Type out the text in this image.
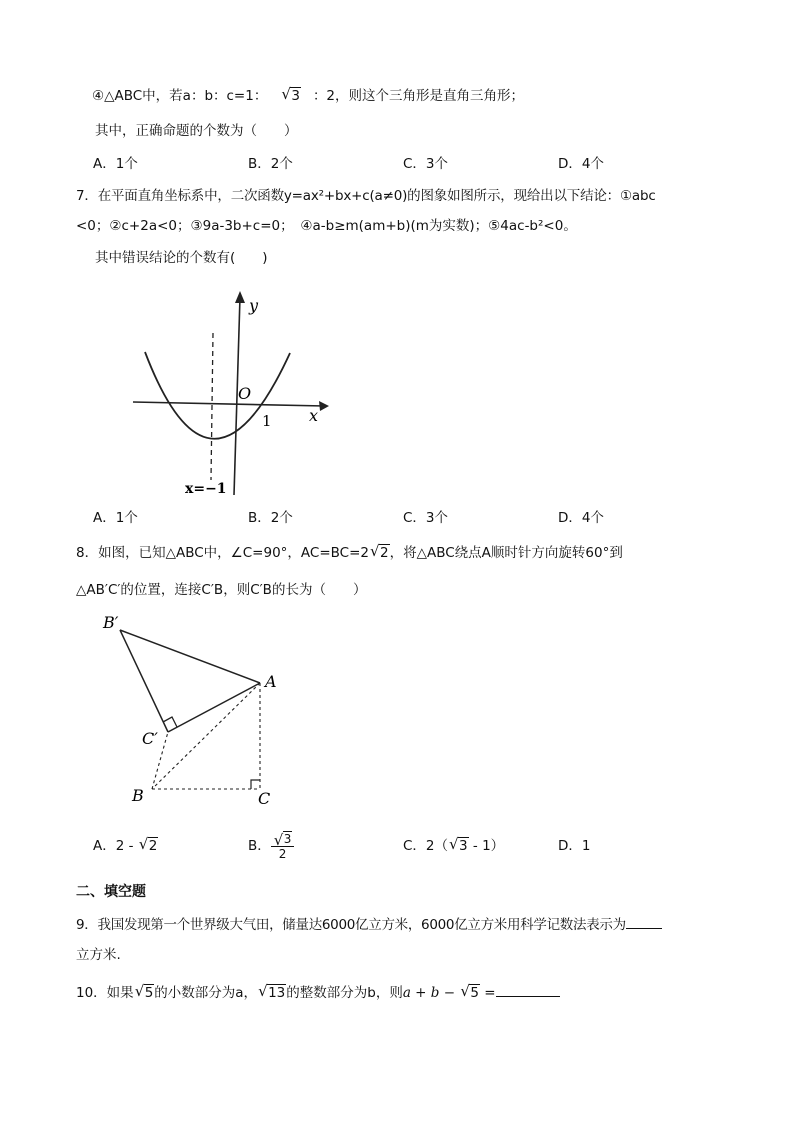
④△ABC中，若a：b：c=1： √ 3 ：2，则这个三角形是直角三角形；
其中，正确命题的个数为（　　）
A．1个	B．2个	C．3个	D．4个
7．在平面直角坐标系中，二次函数y=ax²+bx+c(a≠0)的图象如图所示，现给出以下结论：①abc
<0；②c+2a<0；③9a-3b+c=0；　④a-b≥m(am+b)(m为实数)；⑤4ac-b²<0。
其中错误结论的个数有(　　)
y
x
O
1
x=−1
A．1个	B．2个	C．3个	D．4个
8．如图，已知△ABC中，∠C=90°，AC=BC=2 √ 2，将△ABC绕点A顺时针方向旋转60°到
△AB′C′的位置，连接C′B，则C′B的长为（　　）
B′
A
C′
B	C
A．2 - √ 2	B． $\frac{√ 3}{2}$	C．2（ √ 3 - 1）	D．1
二、填空题
9．我国发现第一个世界级大气田，储量达6000亿立方米，6000亿立方米用科学记数法表示为
立方米.
10．如果 √ 5的小数部分为a， √ 13的整数部分为b，则a + b − √ 5 =
